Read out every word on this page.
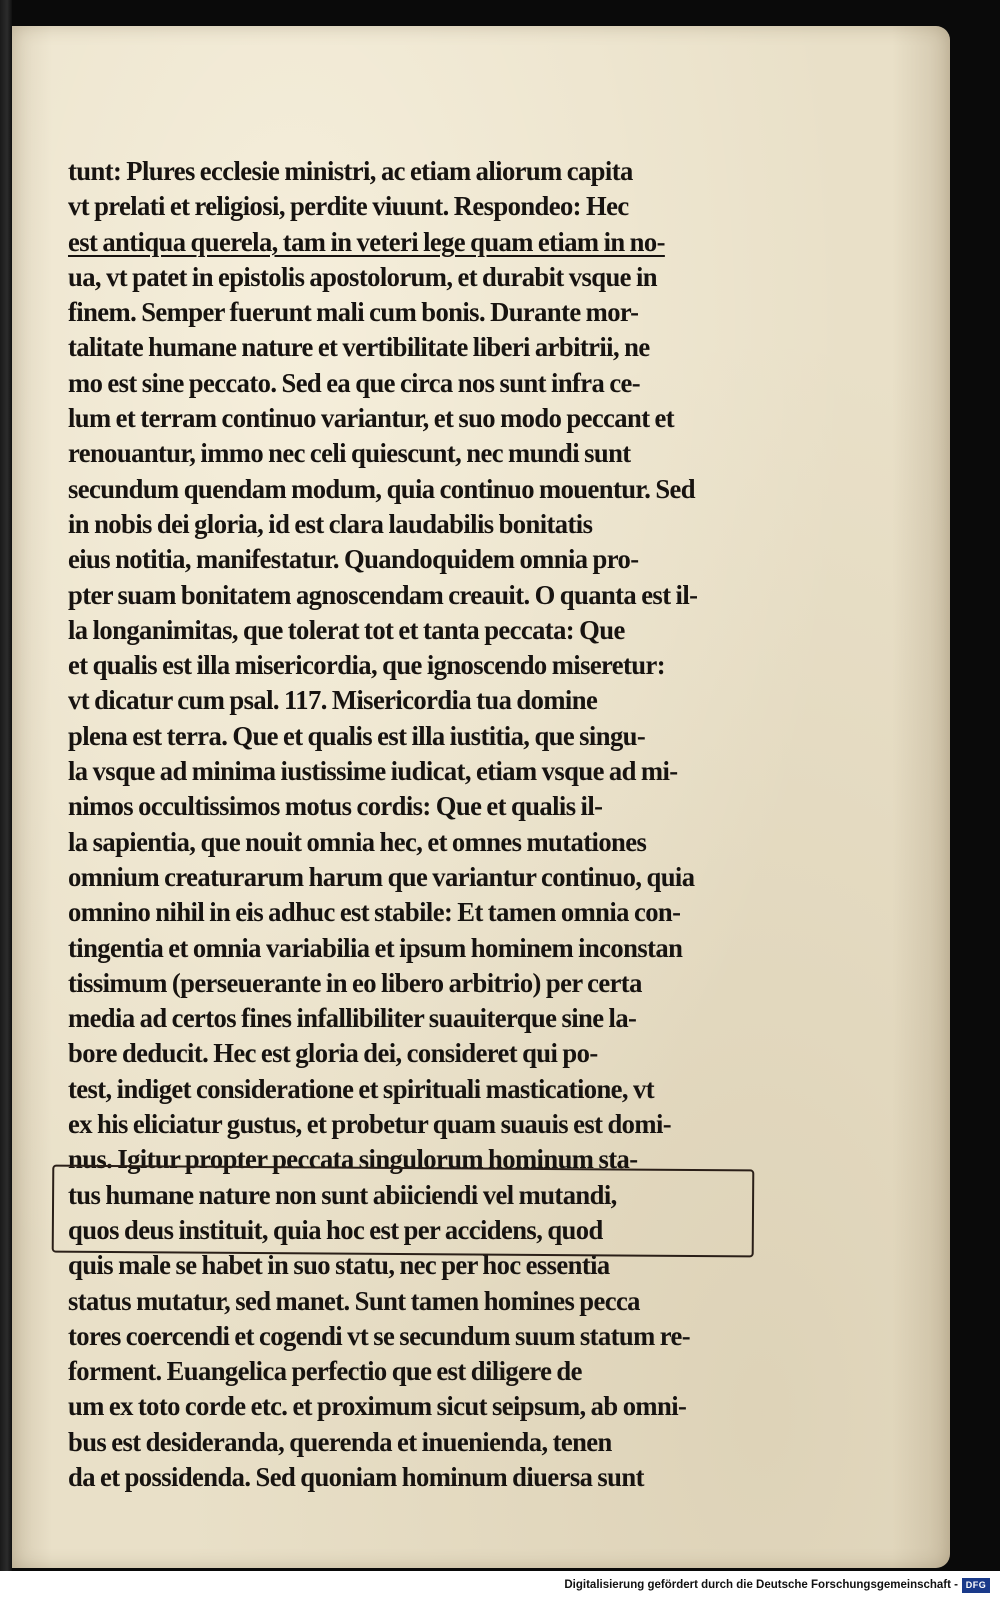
tunt: Plures ecclesie ministri, ac etiam aliorum capita
vt prelati et religiosi, perdite viuunt. Respondeo: Hec
est antiqua querela, tam in veteri lege quam etiam in no-
ua, vt patet in epistolis apostolorum, et durabit vsque in
finem. Semper fuerunt mali cum bonis. Durante mor-
talitate humane nature et vertibilitate liberi arbitrii, ne
mo est sine peccato. Sed ea que circa nos sunt infra ce-
lum et terram continuo variantur, et suo modo peccant et
renouantur, immo nec celi quiescunt, nec mundi sunt
secundum quendam modum, quia continuo mouentur. Sed
in nobis dei gloria, id est clara laudabilis bonitatis
eius notitia, manifestatur. Quandoquidem omnia pro-
pter suam bonitatem agnoscendam creauit. O quanta est il-
la longanimitas, que tolerat tot et tanta peccata: Que
et qualis est illa misericordia, que ignoscendo miseretur:
vt dicatur cum psal. 117. Misericordia tua domine
plena est terra. Que et qualis est illa iustitia, que singu-
la vsque ad minima iustissime iudicat, etiam vsque ad mi-
nimos occultissimos motus cordis: Que et qualis il-
la sapientia, que nouit omnia hec, et omnes mutationes
omnium creaturarum harum que variantur continuo, quia
omnino nihil in eis adhuc est stabile: Et tamen omnia con-
tingentia et omnia variabilia et ipsum hominem inconstan
tissimum (perseuerante in eo libero arbitrio) per certa
media ad certos fines infallibiliter suauiterque sine la-
bore deducit. Hec est gloria dei, consideret qui po-
test, indiget consideratione et spirituali masticatione, vt
ex his eliciatur gustus, et probetur quam suauis est domi-
nus. Igitur propter peccata singulorum hominum sta-
tus humane nature non sunt abiiciendi vel mutandi,
quos deus instituit, quia hoc est per accidens, quod
quis male se habet in suo statu, nec per hoc essentia
status mutatur, sed manet. Sunt tamen homines pecca
tores coercendi et cogendi vt se secundum suum statum re-
forment. Euangelica perfectio que est diligere de
um ex toto corde etc. et proximum sicut seipsum, ab omni-
bus est desideranda, querenda et inuenienda, tenen
da et possidenda. Sed quoniam hominum diuersa sunt
Digitalisierung gefördert durch die Deutsche Forschungsgemeinschaft - DFG
